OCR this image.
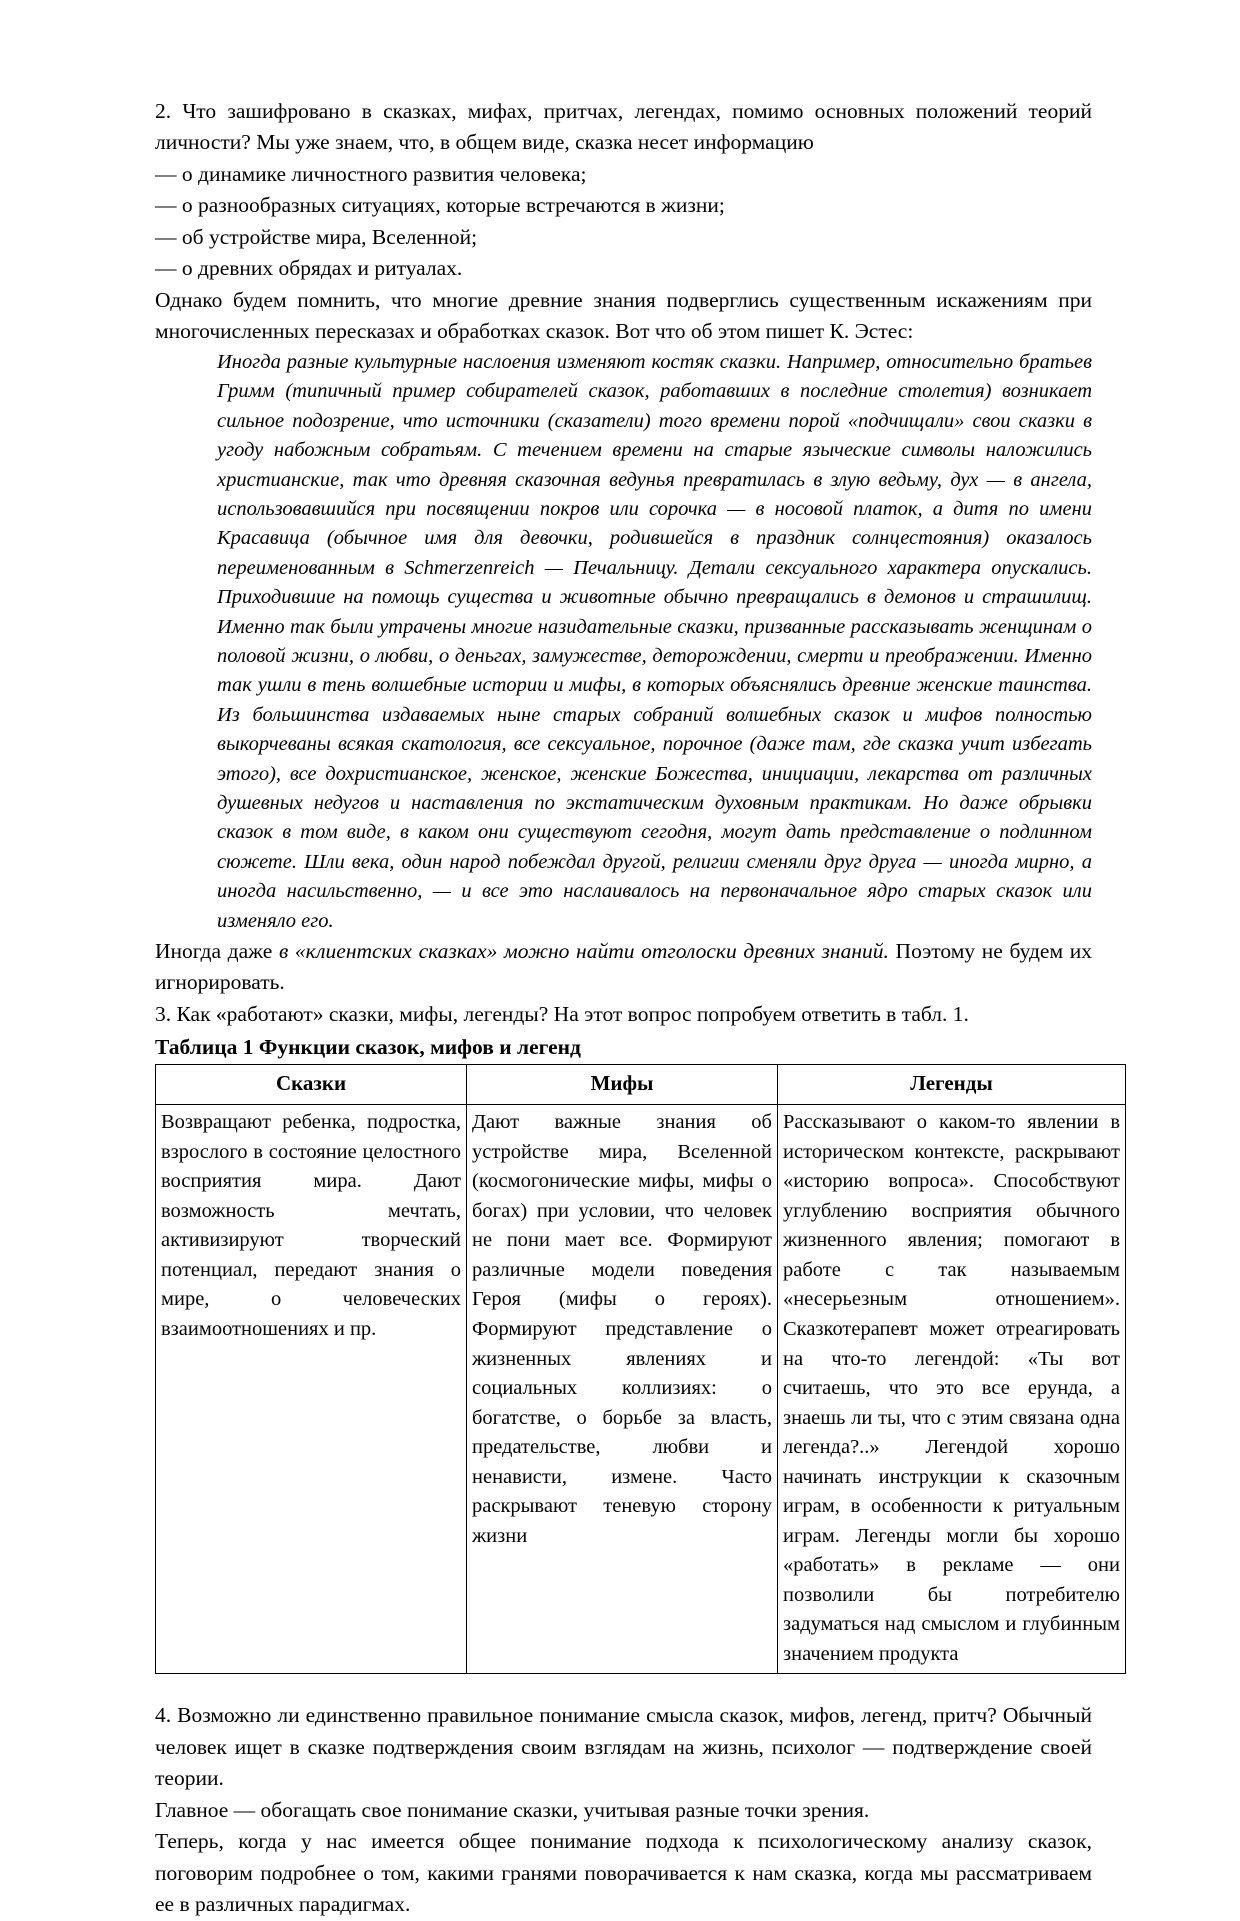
2. Что зашифровано в сказках, мифах, притчах, легендах, помимо основных положений теорий личности? Мы уже знаем, что, в общем виде, сказка несет информацию

— о динамике личностного развития человека;

— о разнообразных ситуациях, которые встречаются в жизни;

— об устройстве мира, Вселенной;

— о древних обрядах и ритуалах.

Однако будем помнить, что многие древние знания подверглись существенным искажениям при многочисленных пересказах и обработках сказок. Вот что об этом пишет К. Эстес:

Иногда разные культурные наслоения изменяют костяк сказки. Например, относительно братьев Гримм (типичный пример собирателей сказок, работавших в последние столетия) возникает сильное подозрение, что источники (сказатели) того времени порой «подчищали» свои сказки в угоду набожным собратьям. С течением времени на старые языческие символы наложились христианские, так что древняя сказочная ведунья превратилась в злую ведьму, дух — в ангела, использовавшийся при посвящении покров или сорочка — в носовой платок, а дитя по имени Красавица (обычное имя для девочки, родившейся в праздник солнцестояния) оказалось переименованным в Schmerzenreich — Печальницу. Детали сексуального характера опускались. Приходившие на помощь существа и животные обычно превращались в демонов и страшилищ. Именно так были утрачены многие назидательные сказки, призванные рассказывать женщинам о половой жизни, о любви, о деньгах, замужестве, деторождении, смерти и преображении. Именно так ушли в тень волшебные истории и мифы, в которых объяснялись древние женские таинства. Из большинства издаваемых ныне старых собраний волшебных сказок и мифов полностью выкорчеваны всякая скатология, все сексуальное, порочное (даже там, где сказка учит избегать этого), все дохристианское, женское, женские Божества, инициации, лекарства от различных душевных недугов и наставления по экстатическим духовным практикам. Но даже обрывки сказок в том виде, в каком они существуют сегодня, могут дать представление о подлинном сюжете. Шли века, один народ побеждал другой, религии сменяли друг друга — иногда мирно, а иногда насильственно, — и все это наслаивалось на первоначальное ядро старых сказок или изменяло его.

Иногда даже в «клиентских сказках» можно найти отголоски древних знаний. Поэтому не будем их игнорировать.

3. Как «работают» сказки, мифы, легенды? На этот вопрос попробуем ответить в табл. 1.

Таблица 1 Функции сказок, мифов и легенд
Сказки	Мифы	Легенды
Возвращают ребенка, подростка, взрослого в состояние целостного восприятия мира. Дают возможность мечтать, активизируют творческий потенциал, передают знания о мире, о человеческих взаимоотношениях и пр.	Дают важные знания об устройстве мира, Вселенной (космогонические мифы, мифы о богах) при условии, что человек не пони мает все. Формируют различные модели поведения Героя (мифы о героях). Формируют представление о жизненных явлениях и социальных коллизиях: о богатстве, о борьбе за власть, предательстве, любви и ненависти, измене. Часто раскрывают теневую сторону жизни	Рассказывают о каком-то явлении в историческом контексте, раскрывают «историю вопроса». Способствуют углублению восприятия обычного жизненного явления; помогают в работе с так называемым «несерьезным отношением». Сказкотерапевт может отреагировать на что-то легендой: «Ты вот считаешь, что это все ерунда, а знаешь ли ты, что с этим связана одна легенда?..» Легендой хорошо начинать инструкции к сказочным играм, в особенности к ритуальным играм. Легенды могли бы хорошо «работать» в рекламе — они позволили бы потребителю задуматься над смыслом и глубинным значением продукта

4. Возможно ли единственно правильное понимание смысла сказок, мифов, легенд, притч? Обычный человек ищет в сказке подтверждения своим взглядам на жизнь, психолог — подтверждение своей теории.

Главное — обогащать свое понимание сказки, учитывая разные точки зрения.

Теперь, когда у нас имеется общее понимание подхода к психологическому анализу сказок, поговорим подробнее о том, какими гранями поворачивается к нам сказка, когда мы рассматриваем ее в различных парадигмах.
